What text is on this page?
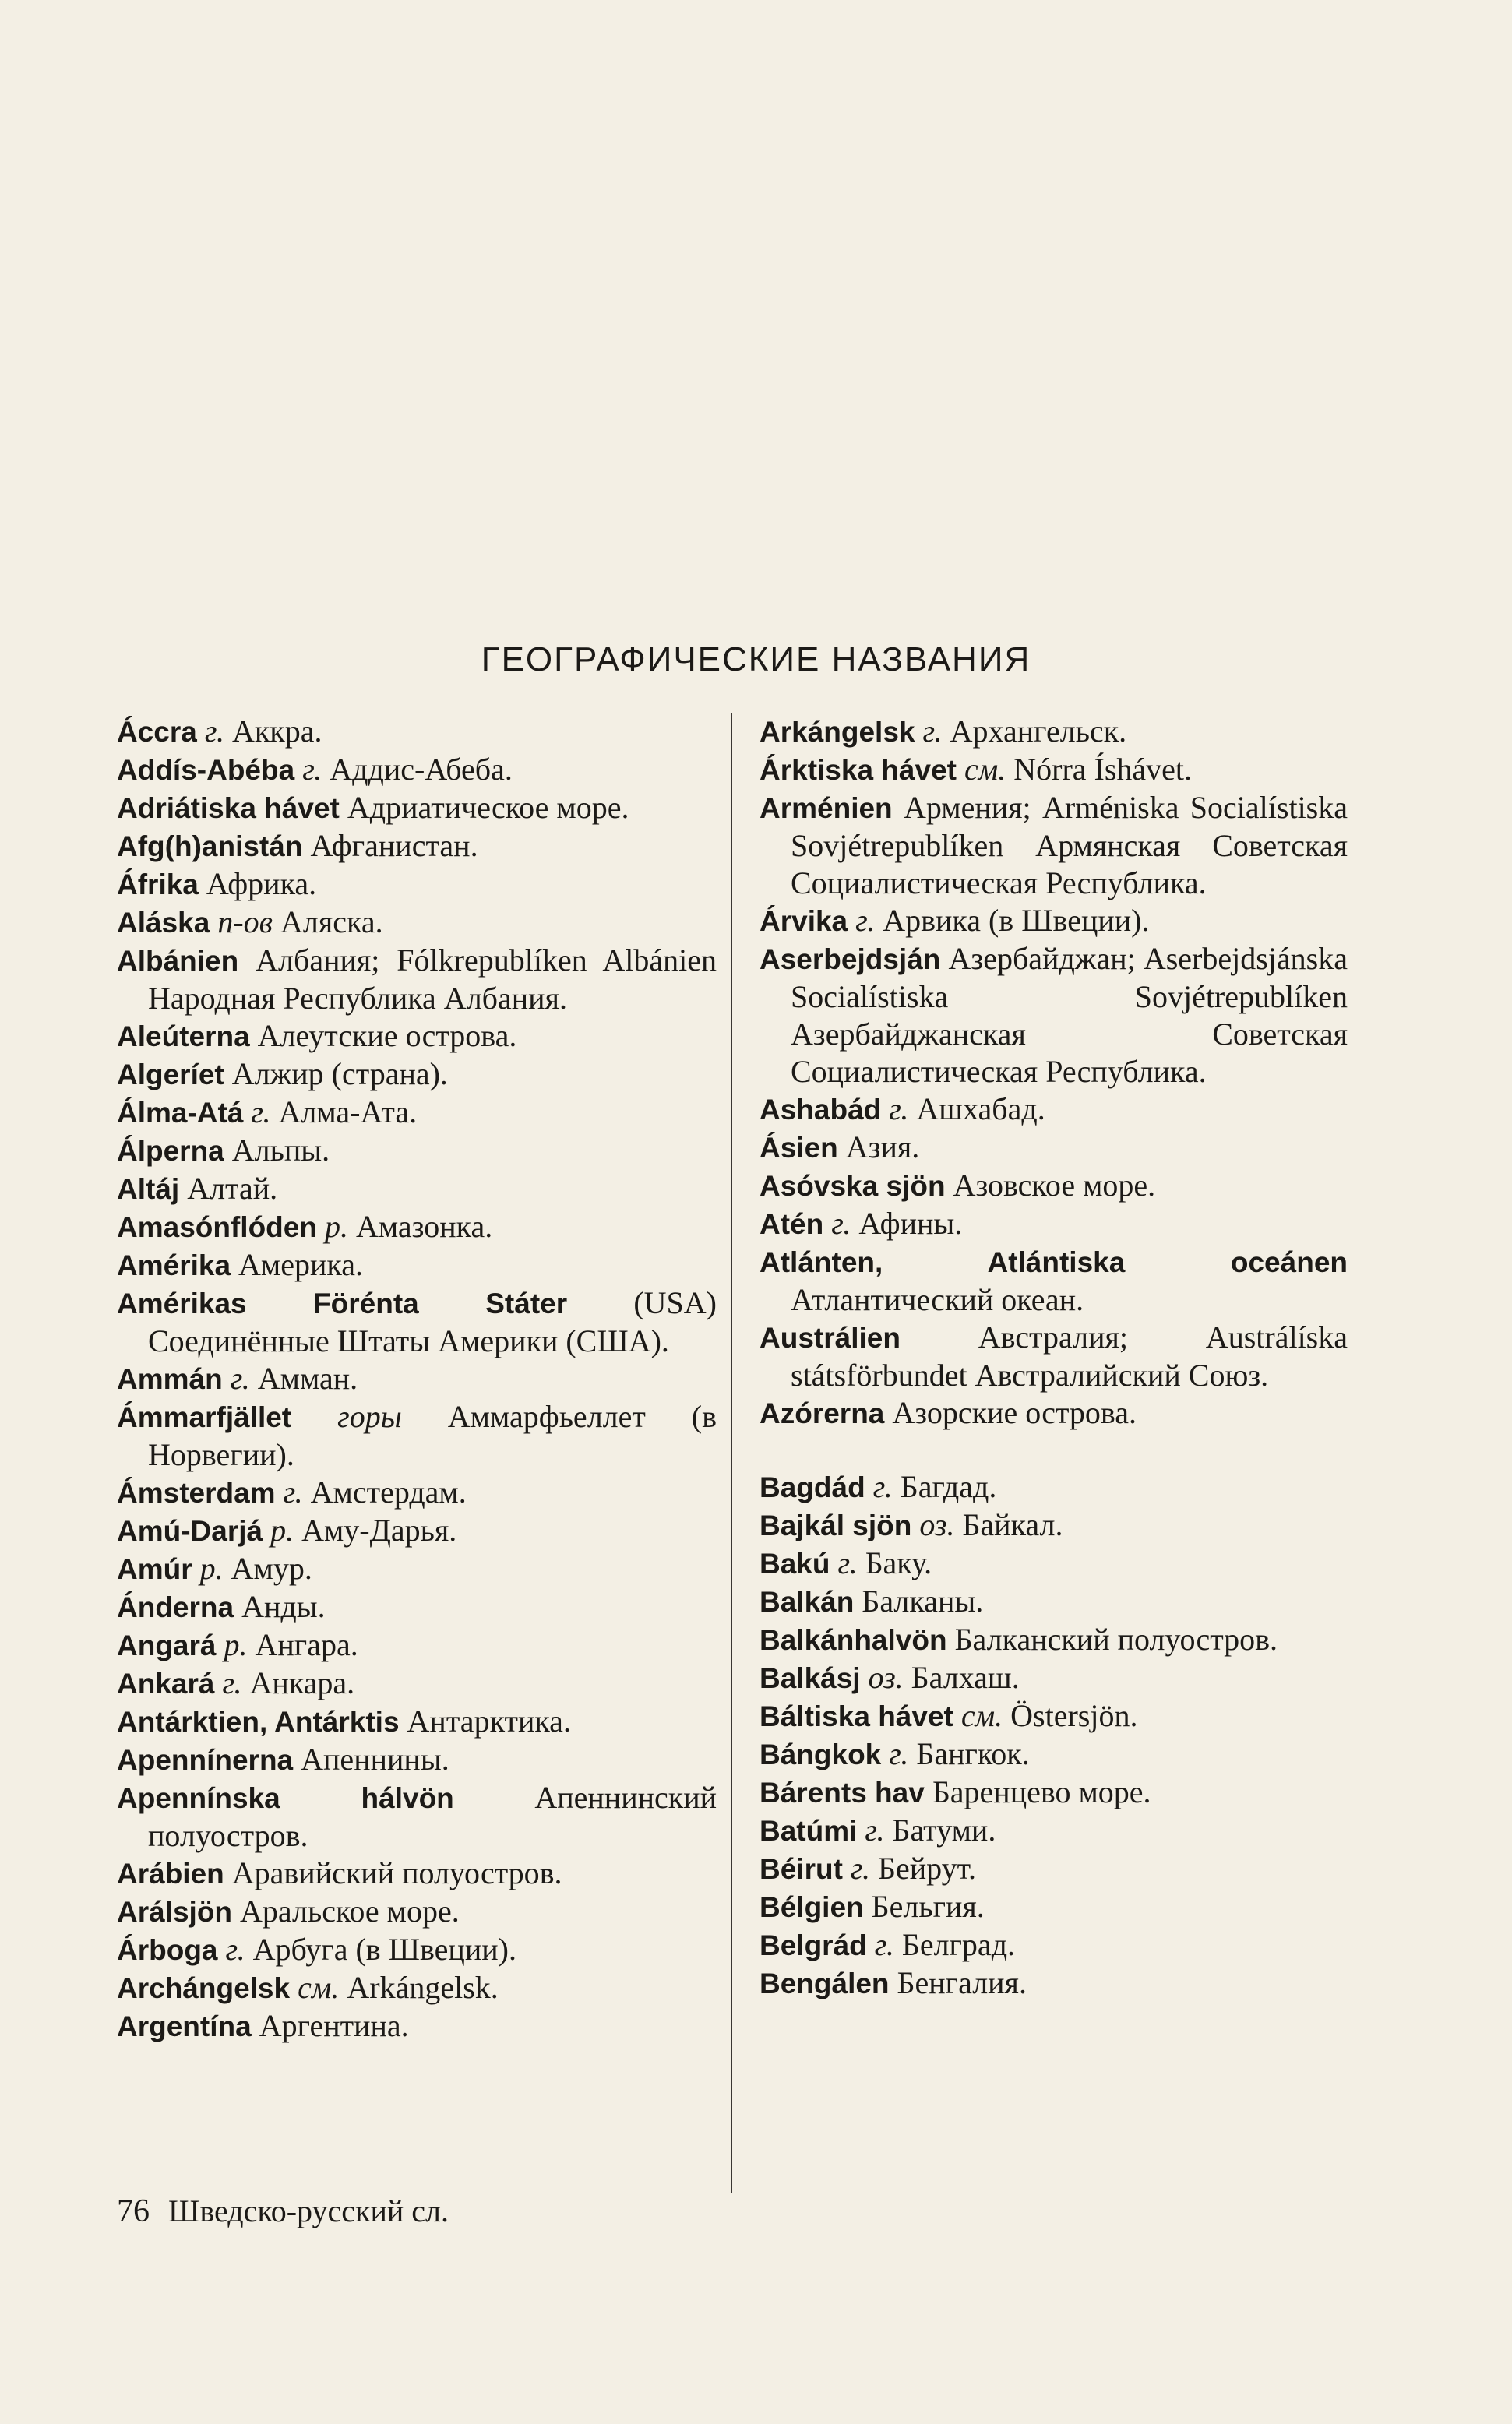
ГЕОГРАФИЧЕСКИЕ НАЗВАНИЯ

Áccra г. Аккра.

Addís-Abéba г. Аддис-Абеба.

Adriátiska hávet Адриатическое море.

Afg(h)anistán Афганистан.

Áfrika Африка.

Aláska п-ов Аляска.

Albánien Албания; Fólkrepublíken Albánien Народная Республика Албания.

Aleúterna Алеутские острова.

Algeríet Алжир (страна).

Álma-Atá г. Алма-Ата.

Álperna Альпы.

Altáj Алтай.

Amasónflóden р. Амазонка.

Amérika Америка.

Amérikas Förénta Státer (USA) Соединённые Штаты Америки (США).

Ammán г. Амман.

Ámmarfjället горы Аммарфьеллет (в Норвегии).

Ámsterdam г. Амстердам.

Amú-Darjá р. Аму-Дарья.

Amúr р. Амур.

Ánderna Анды.

Angará р. Ангара.

Ankará г. Анкара.

Antárktien, Antárktis Антарктика.

Apennínerna Апеннины.

Apennínska hálvön	Апеннинский полуостров.

Arábien Аравийский полуостров.

Arálsjön Аральское море.

Árboga г. Арбуга (в Швеции).

Archángelsk см. Arkángelsk.

Argentína Аргентина.

Arkángelsk г. Архангельск.

Árktiska hávet см. Nórra Íshávet.

Arménien Армения; Arméniska Socialístiska Sovjétrepublíken Армянская Советская Социалистическая Республика.

Árvika г. Арвика (в Швеции).

Aserbejdsján Азербайджан; Aserbejdsjánska Socialístiska Sovjétrepublíken Азербайджанская Советская Социалистическая Республика.

Ashabád г. Ашхабад.

Ásien Азия.

Asóvska sjön Азовское море.

Atén г. Афины.

Atlánten, Atlántiska oceánen Атлантический океан.

Austrálien Австралия; Austrálíska státsförbundet Австралийский Союз.

Azórerna Азорские острова.

Bagdád г. Багдад.

Bajkál sjön оз. Байкал.

Bakú г. Баку.

Balkán Балканы.

Balkánhalvön Балканский полуостров.

Balkásj оз. Балхаш.

Báltiska hávet см. Östersjön.

Bángkok г. Бангкок.

Bárents hav Баренцево море.

Batúmi г. Батуми.

Béirut г. Бейрут.

Bélgien Бельгия.

Belgrád г. Белград.

Bengálen Бенгалия.

76 Шведско-русский сл.
